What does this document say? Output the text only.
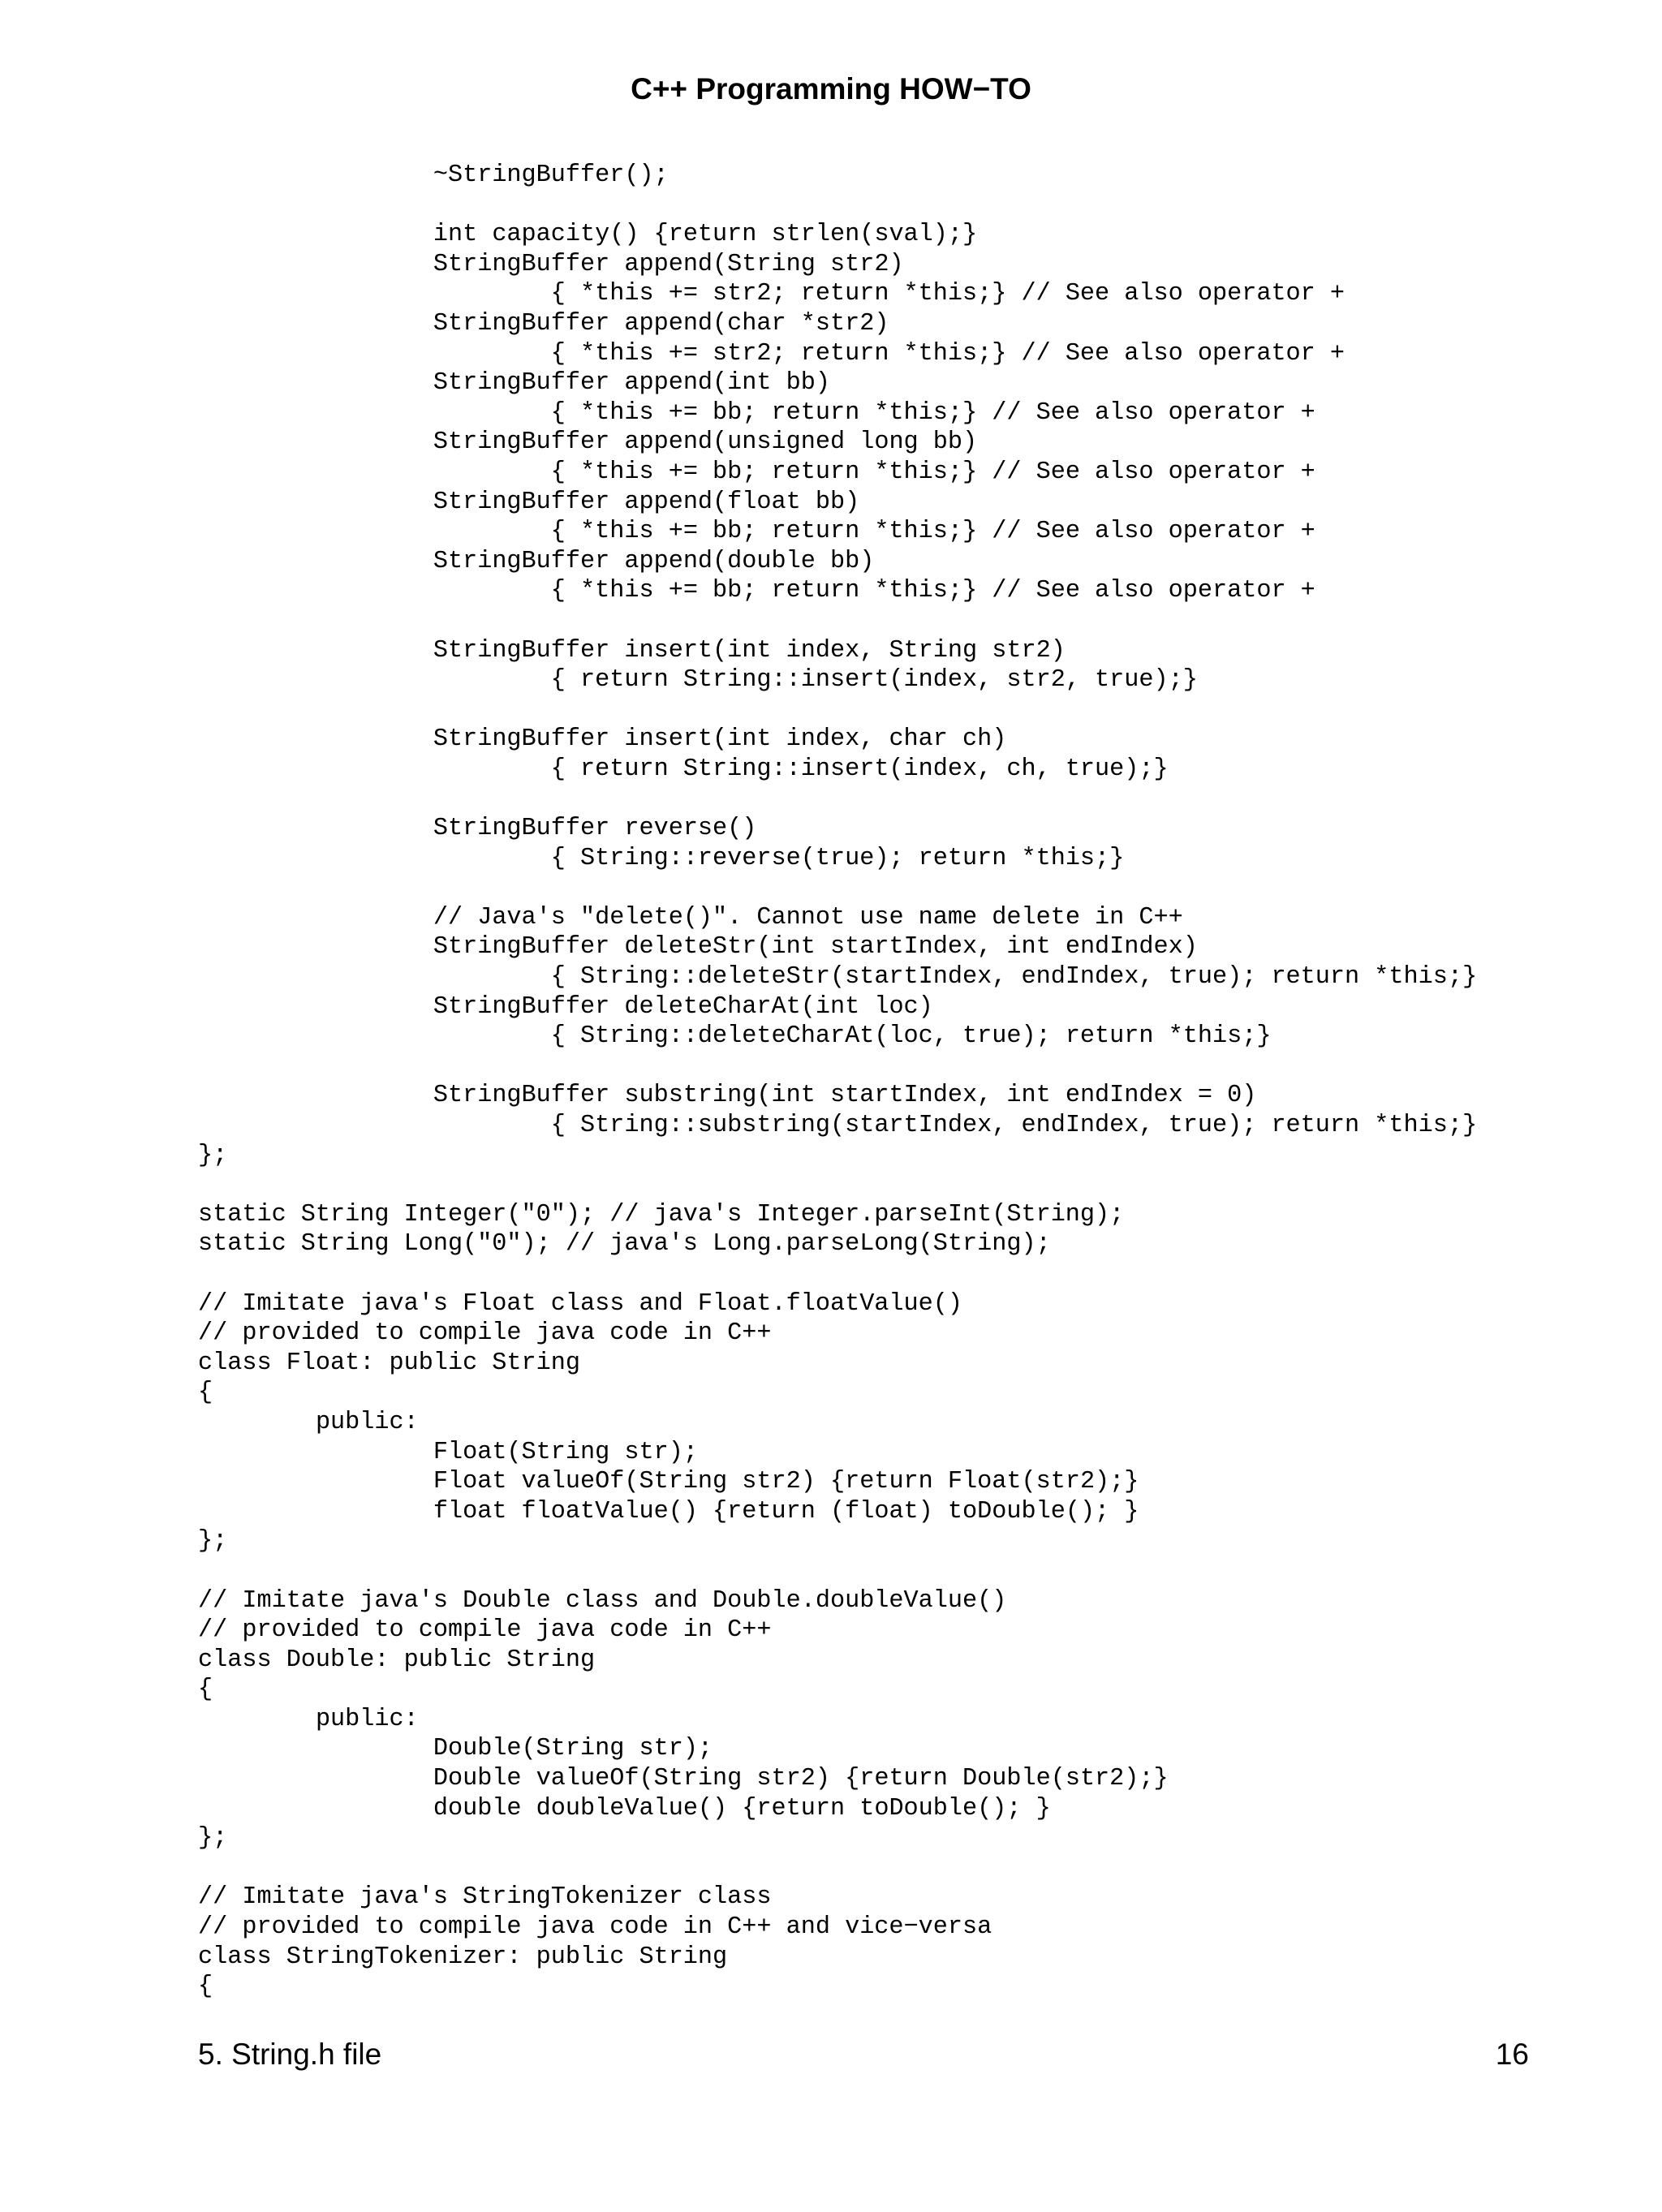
C++ Programming HOW−TO
		~StringBuffer();
		int capacity() {return strlen(sval);}
		StringBuffer append(String str2)
			{ *this += str2; return *this;} // See also operator +
		StringBuffer append(char *str2)
			{ *this += str2; return *this;} // See also operator +
		StringBuffer append(int bb)
			{ *this += bb; return *this;} // See also operator +
		StringBuffer append(unsigned long bb)
			{ *this += bb; return *this;} // See also operator +
		StringBuffer append(float bb)
			{ *this += bb; return *this;} // See also operator +
		StringBuffer append(double bb)
			{ *this += bb; return *this;} // See also operator +
		StringBuffer insert(int index, String str2)
			{ return String::insert(index, str2, true);}
		StringBuffer insert(int index, char ch)
			{ return String::insert(index, ch, true);}
		StringBuffer reverse()
			{ String::reverse(true); return *this;}
		// Java's "delete()". Cannot use name delete in C++
		StringBuffer deleteStr(int startIndex, int endIndex)
			{ String::deleteStr(startIndex, endIndex, true); return *this;}
		StringBuffer deleteCharAt(int loc)
			{ String::deleteCharAt(loc, true); return *this;}
		StringBuffer substring(int startIndex, int endIndex = 0)
			{ String::substring(startIndex, endIndex, true); return *this;}
};
static String Integer("0"); // java's Integer.parseInt(String);
static String Long("0"); // java's Long.parseLong(String);
// Imitate java's Float class and Float.floatValue()
// provided to compile java code in C++
class Float: public String
{
	public:
		Float(String str);
		Float valueOf(String str2) {return Float(str2);}
		float floatValue() {return (float) toDouble(); }
};
// Imitate java's Double class and Double.doubleValue()
// provided to compile java code in C++
class Double: public String
{
	public:
		Double(String str);
		Double valueOf(String str2) {return Double(str2);}
		double doubleValue() {return toDouble(); }
};
// Imitate java's StringTokenizer class
// provided to compile java code in C++ and vice−versa
class StringTokenizer: public String
{
5. String.h file	16
